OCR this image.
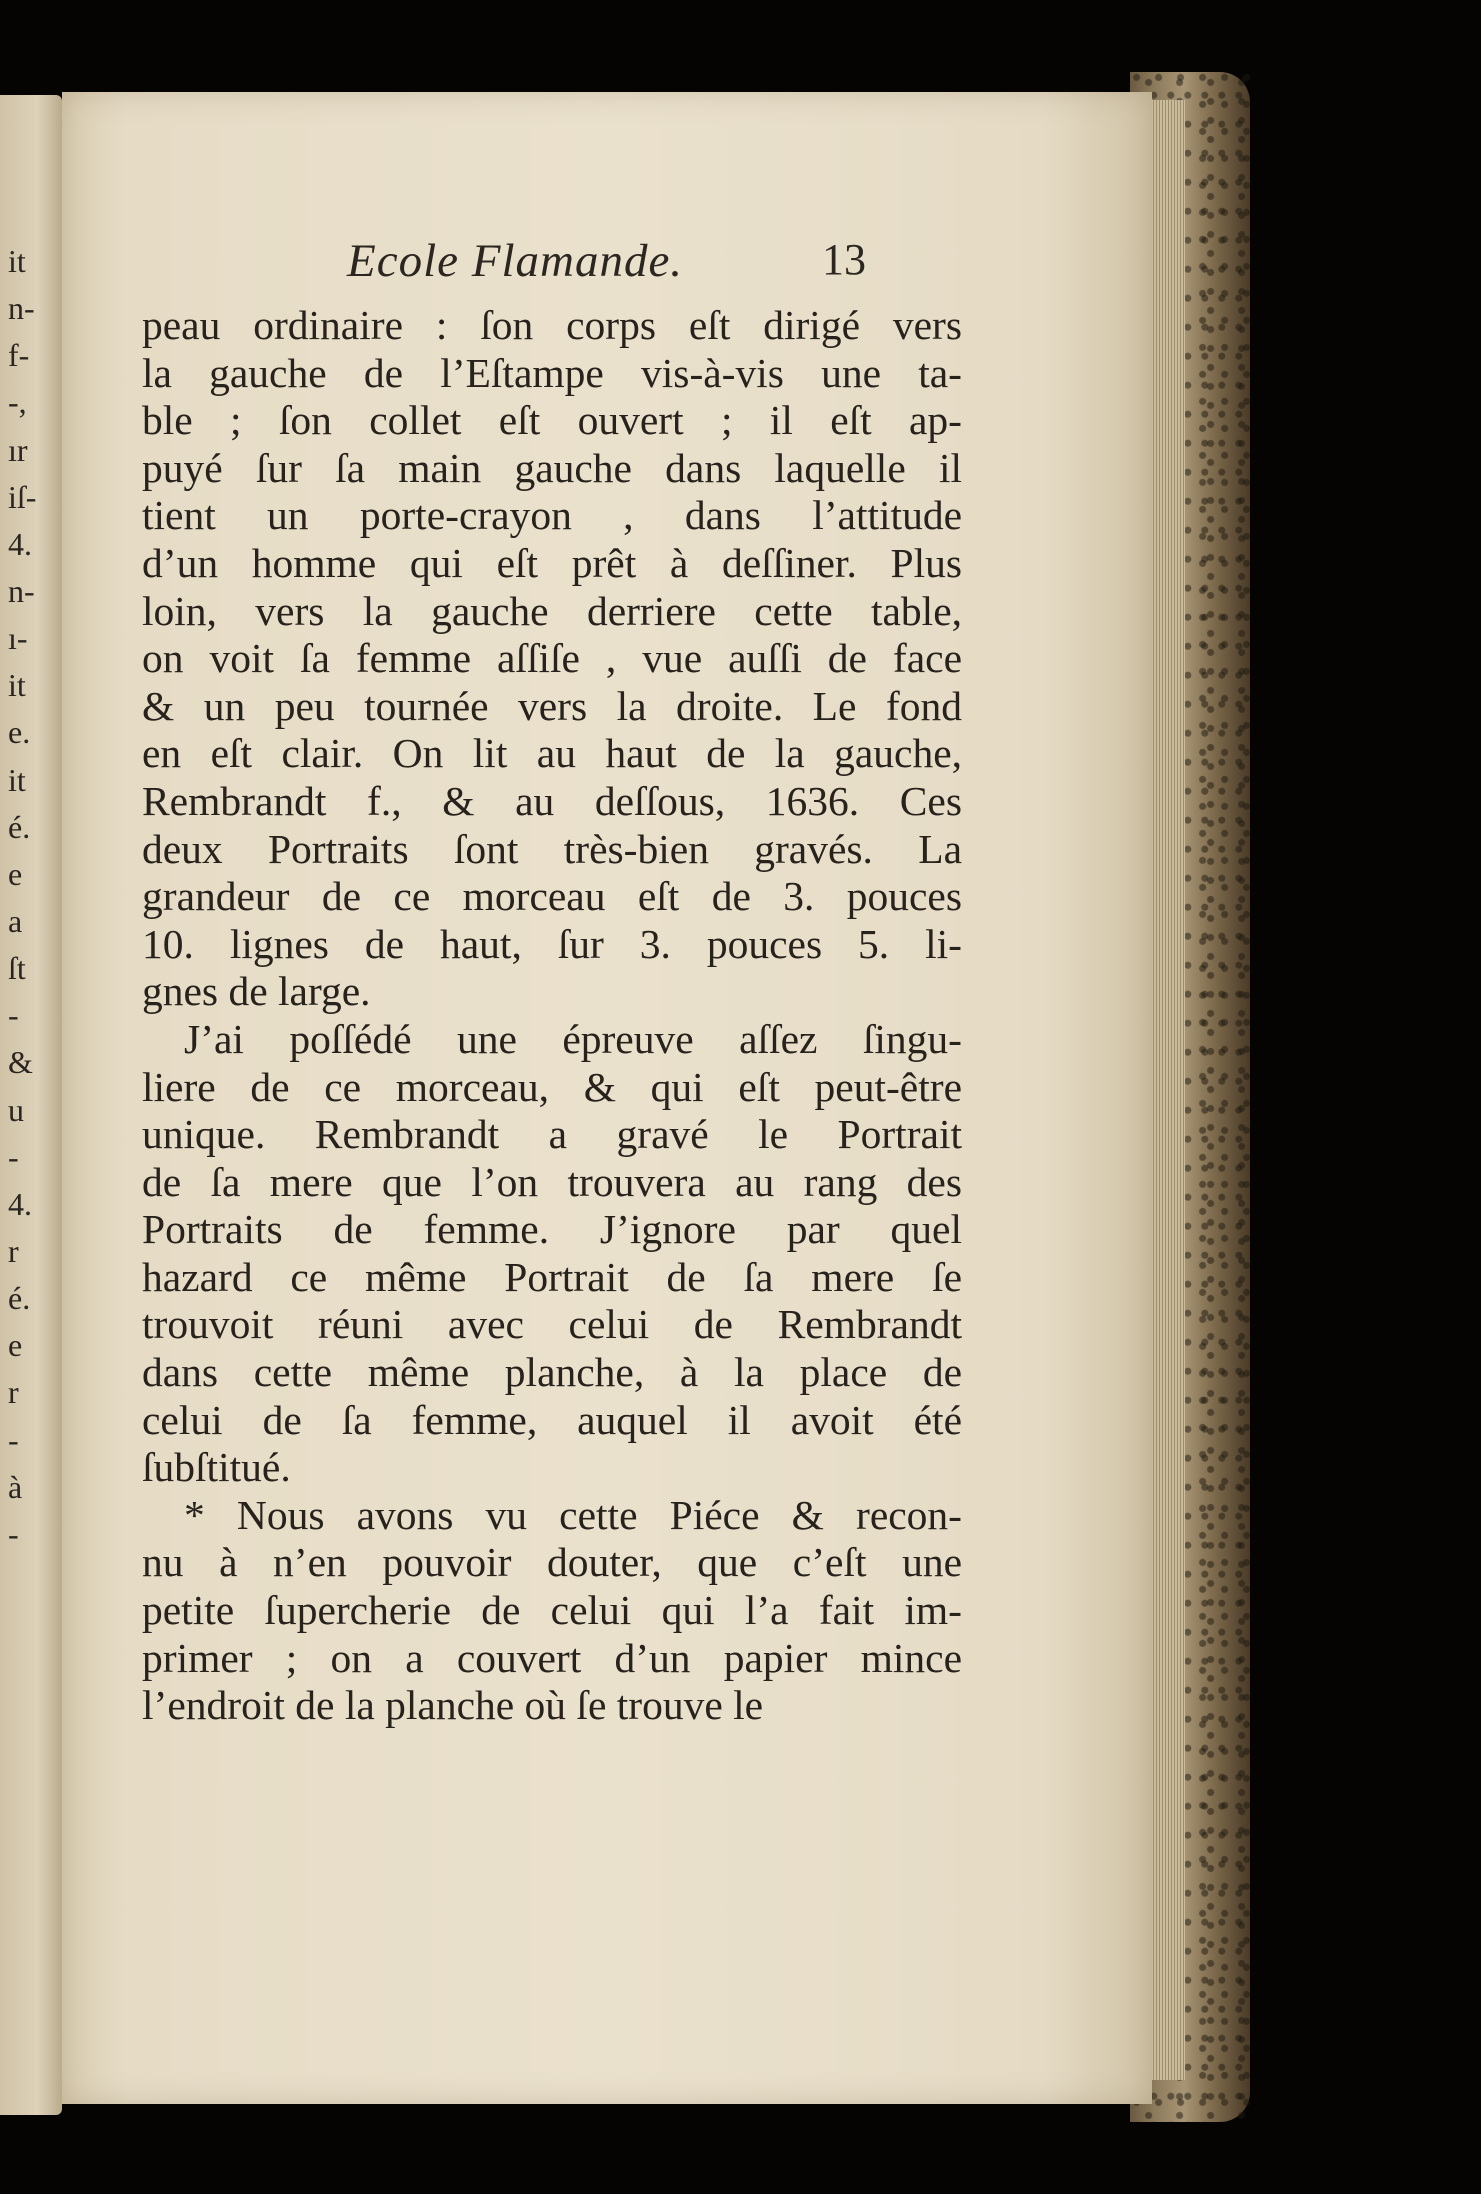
it
n-
f-
-,
ır
iſ-
4.
n-
ı-
it
e.
it
é.
e
a
ſt
-
&
u
-
4.
r
é.
e
r
-
à
-
Ecole Flamande.	13
peau ordinaire : ſon corps eſt dirigé vers
la gauche de l’Eſtampe vis-à-vis une ta-
ble ; ſon collet eſt ouvert ; il eſt ap-
puyé ſur ſa main gauche dans laquelle il
tient un porte-crayon , dans l’attitude
d’un homme qui eſt prêt à deſſiner. Plus
loin, vers la gauche derriere cette table,
on voit ſa femme aſſiſe , vue auſſi de face
& un peu tournée vers la droite. Le fond
en eſt clair. On lit au haut de la gauche,
Rembrandt f., & au deſſous, 1636. Ces
deux Portraits ſont très-bien gravés. La
grandeur de ce morceau eſt de 3. pouces
10. lignes de haut, ſur 3. pouces 5. li-
gnes de large.
J’ai poſſédé une épreuve aſſez ſingu-
liere de ce morceau, & qui eſt peut-être
unique. Rembrandt a gravé le Portrait
de ſa mere que l’on trouvera au rang des
Portraits de femme. J’ignore par quel
hazard ce même Portrait de ſa mere ſe
trouvoit réuni avec celui de Rembrandt
dans cette même planche, à la place de
celui de ſa femme, auquel il avoit été
ſubſtitué.
* Nous avons vu cette Piéce & recon-
nu à n’en pouvoir douter, que c’eſt une
petite ſupercherie de celui qui l’a fait im-
primer ; on a couvert d’un papier mince
l’endroit de la planche où ſe trouve le
